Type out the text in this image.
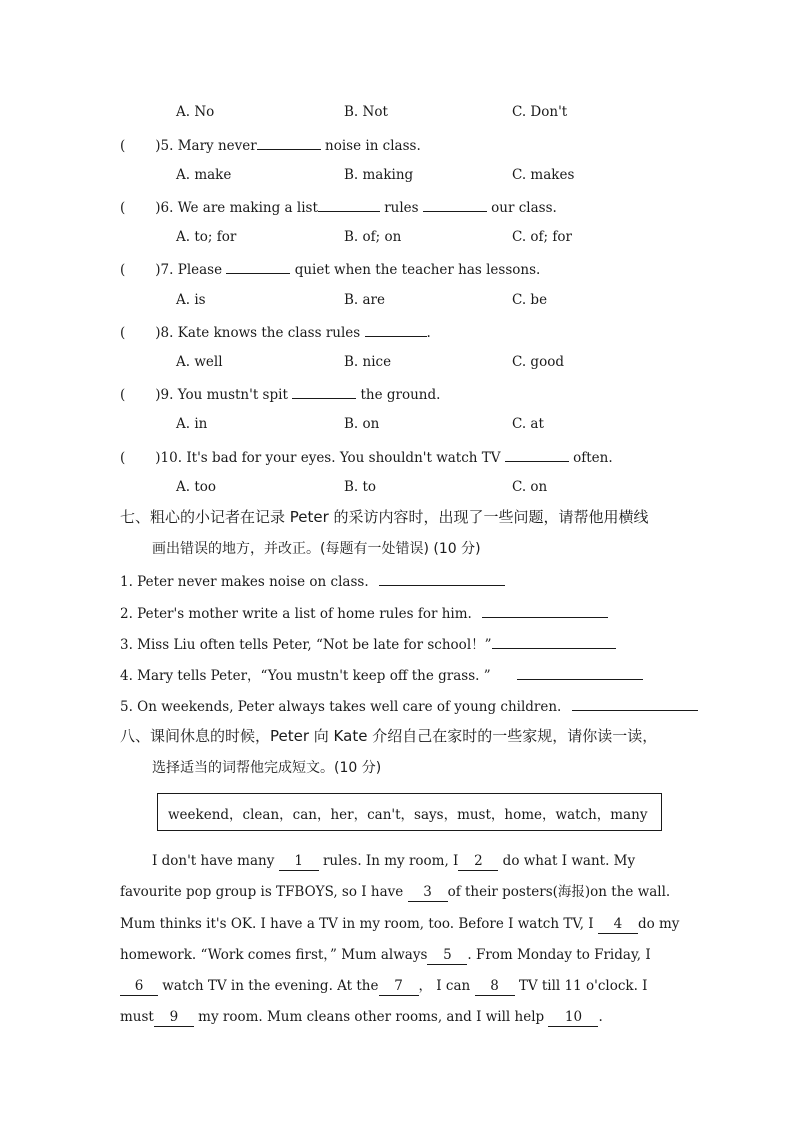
A. No	B. Not	C. Don't
( )5. Mary never	noise in class.
A. make	B. making	C. makes
( )6. We are making a list	rules	our class.
A. to; for	B. of; on	C. of; for
( )7. Please	quiet when the teacher has lessons.
A. is	B. are	C. be
( )8. Kate knows the class rules	.
A. well	B. nice	C. good
( )9. You mustn't spit	the ground.
A. in	B. on	C. at
( )10. It's bad for your eyes. You shouldn't watch TV	often.
A. too	B. to	C. on
七、粗心的小记者在记录 Peter 的采访内容时，出现了一些问题，请帮他用横线
画出错误的地方，并改正。(每题有一处错误) (10 分)
1. Peter never makes noise on class.
2. Peter's mother write a list of home rules for him.
3. Miss Liu often tells Peter, “Not be late for school！”
4. Mary tells Peter，“You mustn't keep off the grass. ”
5. On weekends, Peter always takes well care of young children.
八、课间休息的时候，Peter 向 Kate 介绍自己在家时的一些家规，请你读一读，
选择适当的词帮他完成短文。(10 分)
weekend，clean，can，her，can't，says，must，home，watch，many
I don't have many 1 rules. In my room, I 2 do what I want. My
favourite pop group is TFBOYS, so I have 3 of their posters(海报)on the wall.
Mum thinks it's OK. I have a TV in my room, too. Before I watch TV, I 4 do my
homework. “Work comes first，” Mum always 5 . From Monday to Friday, I
6 watch TV in the evening. At the 7 ， I can 8 TV till 11 o'clock. I
must 9 my room. Mum cleans other rooms, and I will help 10 .
